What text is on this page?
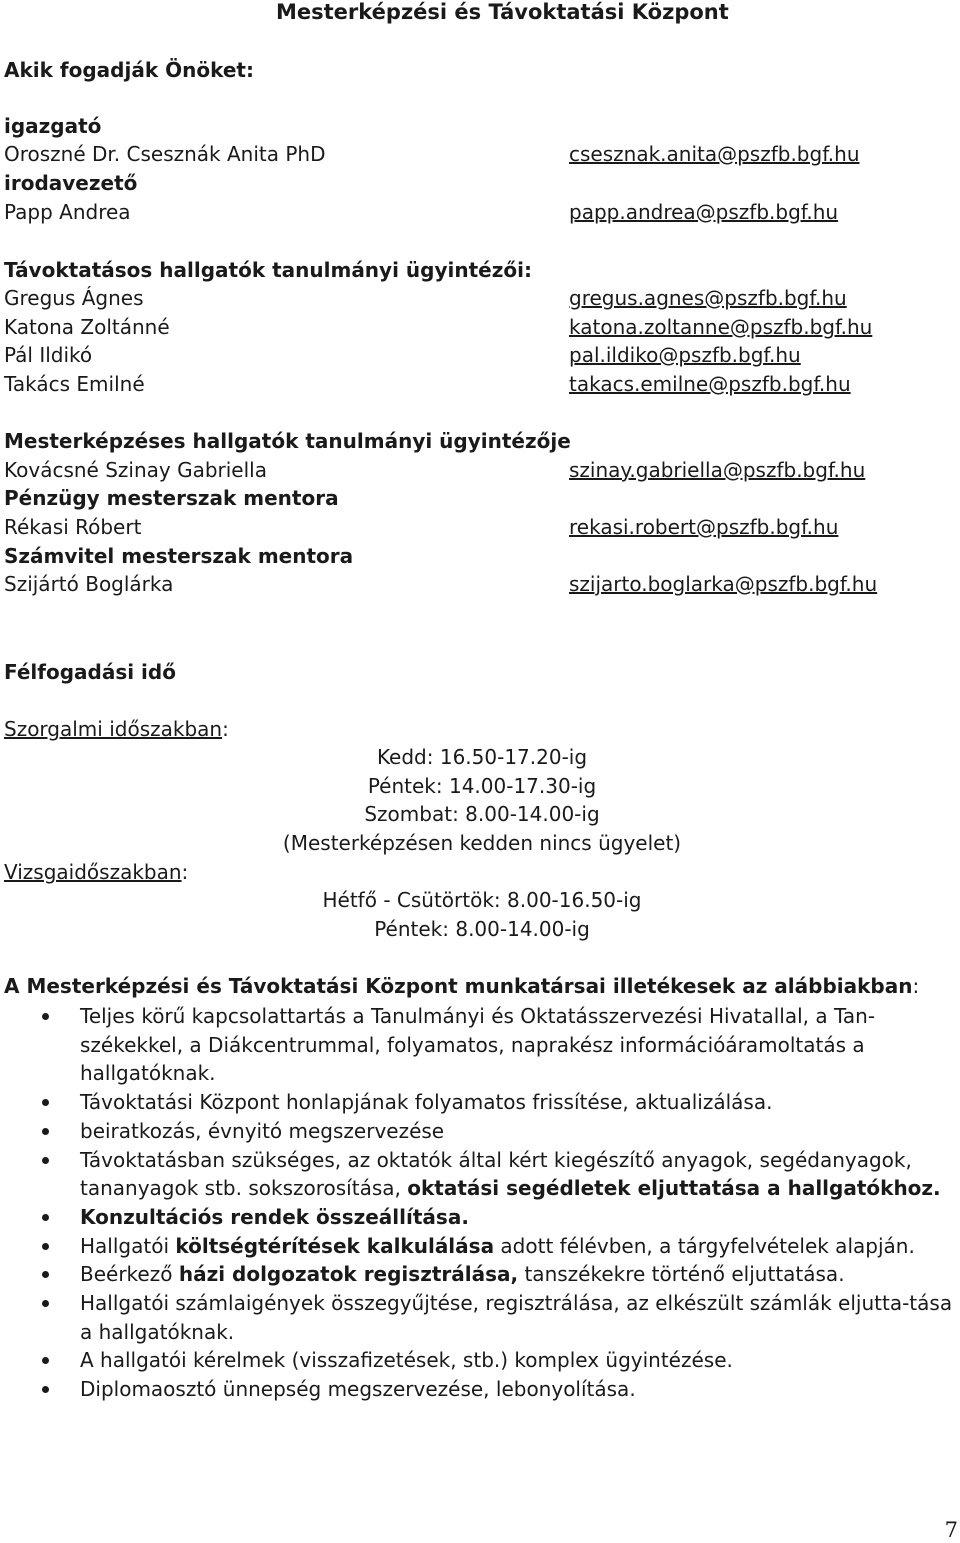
Mesterképzési és Távoktatási Központ
Akik fogadják Önöket:
igazgató
Oroszné Dr. Csesznák Anita PhD	csesznak.anita@pszfb.bgf.hu
irodavezető
Papp Andrea	papp.andrea@pszfb.bgf.hu
Távoktatásos hallgatók tanulmányi ügyintézői:
Gregus Ágnes	gregus.agnes@pszfb.bgf.hu
Katona Zoltánné	katona.zoltanne@pszfb.bgf.hu
Pál Ildikó	pal.ildiko@pszfb.bgf.hu
Takács Emilné	takacs.emilne@pszfb.bgf.hu
Mesterképzéses hallgatók tanulmányi ügyintézője
Kovácsné Szinay Gabriella	szinay.gabriella@pszfb.bgf.hu
Pénzügy mesterszak mentora
Rékasi Róbert	rekasi.robert@pszfb.bgf.hu
Számvitel mesterszak mentora
Szijártó Boglárka	szijarto.boglarka@pszfb.bgf.hu
Félfogadási idő
Szorgalmi időszakban:
Kedd: 16.50-17.20-ig
Péntek: 14.00-17.30-ig
Szombat: 8.00-14.00-ig
(Mesterképzésen kedden nincs ügyelet)
Vizsgaidőszakban:
Hétfő - Csütörtök: 8.00-16.50-ig
Péntek: 8.00-14.00-ig
A Mesterképzési és Távoktatási Központ munkatársai illetékesek az alábbiakban:
Teljes körű kapcsolattartás a Tanulmányi és Oktatásszervezési Hivatallal, a Tan-székekkel, a Diákcentrummal, folyamatos, naprakész információáramoltatás a hallgatóknak.
Távoktatási Központ honlapjának folyamatos frissítése, aktualizálása.
beiratkozás, évnyitó megszervezése
Távoktatásban szükséges, az oktatók által kért kiegészítő anyagok, segédanyagok, tananyagok stb. sokszorosítása, oktatási segédletek eljuttatása a hallgatókhoz.
Konzultációs rendek összeállítása.
Hallgatói költségtérítések kalkulálása adott félévben, a tárgyfelvételek alapján.
Beérkező házi dolgozatok regisztrálása, tanszékekre történő eljuttatása.
Hallgatói számlaigények összegyűjtése, regisztrálása, az elkészült számlák eljutta-tása a hallgatóknak.
A hallgatói kérelmek (visszafizetések, stb.) komplex ügyintézése.
Diplomaosztó ünnepség megszervezése, lebonyolítása.
7
